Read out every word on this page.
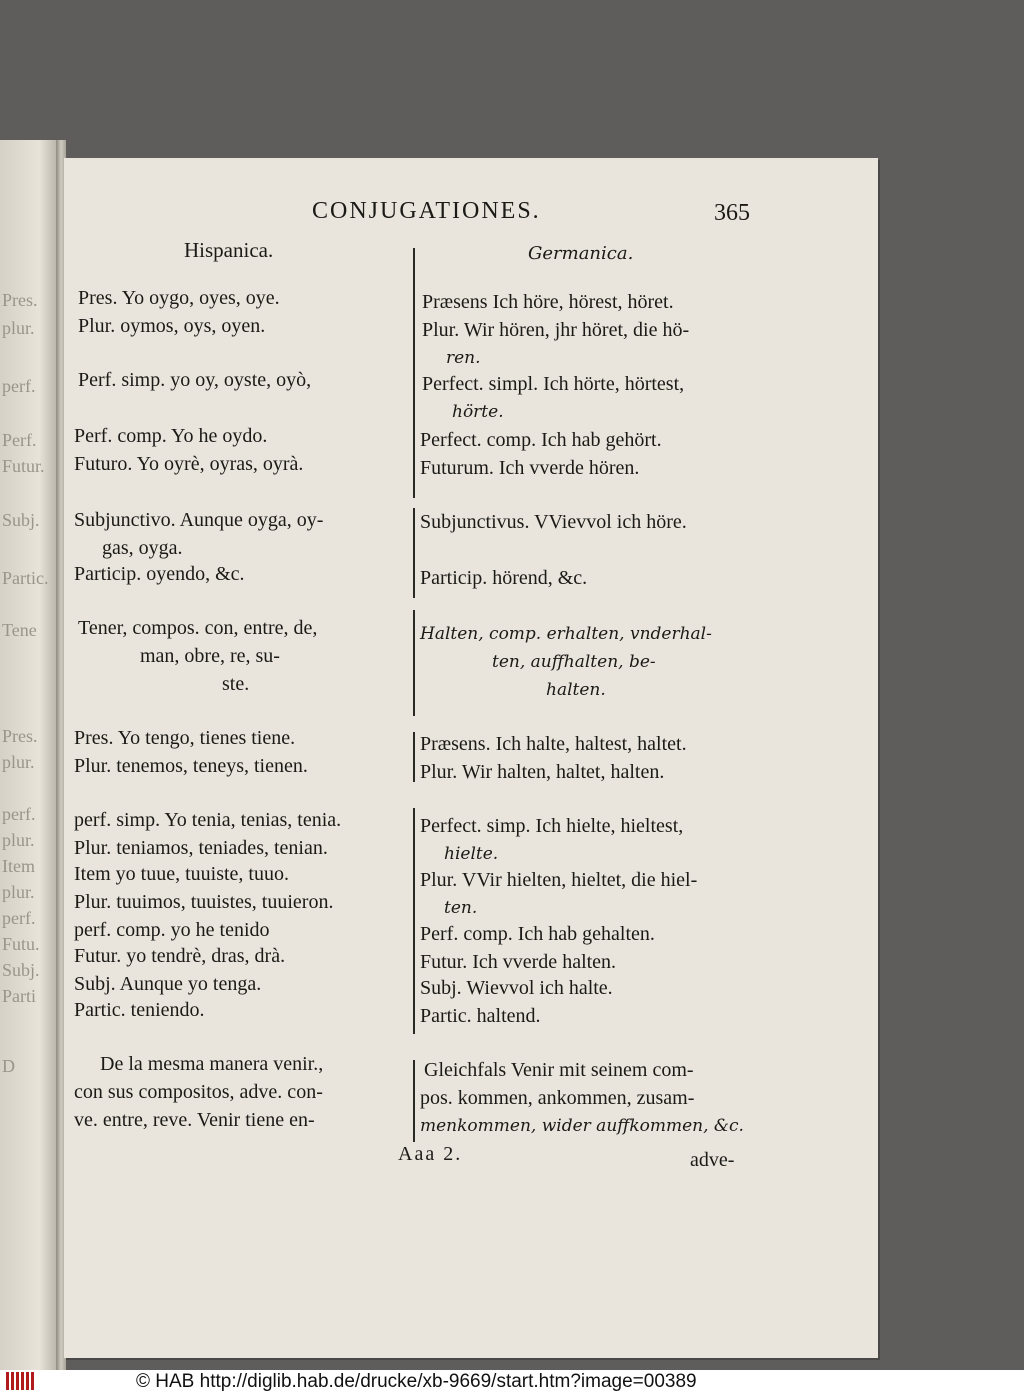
Pres.
plur.
perf.
Perf.
Futur.
Subj.
Partic.
Tene
Pres.
plur.
perf.
plur.
Item
plur.
perf.
Futu.
Subj.
Parti
D
CONJUGATIONES.	365
Hispanica.	Germanica.
Pres. Yo oygo, oyes, oye.
Plur. oymos, oys, oyen.
Perf. simp. yo oy, oyste, oyò,
Perf. comp. Yo he oydo.
Futuro. Yo oyrè, oyras, oyrà.
Subjunctivo. Aunque oyga, oy-
gas, oyga.
Particip. oyendo, &c.
Tener, compos. con, entre, de,
man, obre, re, su-
ste.
Pres. Yo tengo, tienes tiene.
Plur. tenemos, teneys, tienen.
perf. simp. Yo tenia, tenias, tenia.
Plur. teniamos, teniades, tenian.
Item yo tuue, tuuiste, tuuo.
Plur. tuuimos, tuuistes, tuuieron.
perf. comp. yo he tenido
Futur. yo tendrè, dras, drà.
Subj. Aunque yo tenga.
Partic. teniendo.
De la mesma manera venir.,
con sus compositos, adve. con-
ve. entre, reve. Venir tiene en-
Præsens Ich höre, hörest, höret.
Plur. Wir hören, jhr höret, die hö-
ren.
Perfect. simpl. Ich hörte, hörtest,
hörte.
Perfect. comp. Ich hab gehört.
Futurum. Ich vverde hören.
Subjunctivus. VVievvol ich höre.
Particip. hörend, &c.
Halten, comp. erhalten, vnderhal-
ten, auffhalten, be-
halten.
Præsens. Ich halte, haltest, haltet.
Plur. Wir halten, haltet, halten.
Perfect. simp. Ich hielte, hieltest,
hielte.
Plur. VVir hielten, hieltet, die hiel-
ten.
Perf. comp. Ich hab gehalten.
Futur. Ich vverde halten.
Subj. Wievvol ich halte.
Partic. haltend.
Gleichfals Venir mit seinem com-
pos. kommen, ankommen, zusam-
menkommen, wider auffkommen, &c.
Aaa 2.	adve-
© HAB http://diglib.hab.de/drucke/xb-9669/start.htm?image=00389
